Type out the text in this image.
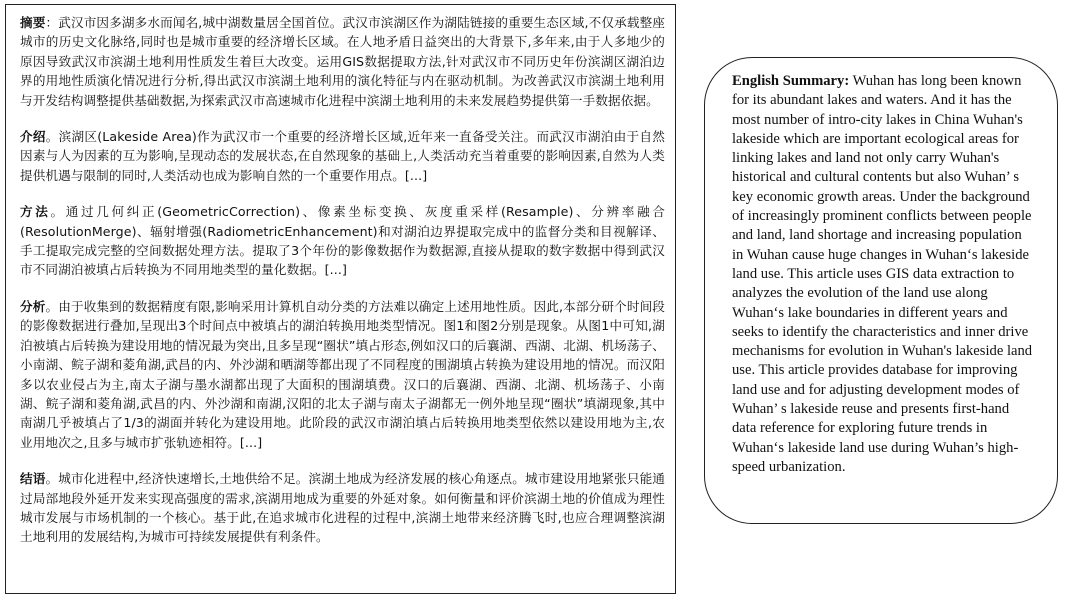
摘要：武汉市因多湖多水而闻名,城中湖数量居全国首位。武汉市滨湖区作为湖陆链接的重要生态区域,不仅承载整座城市的历史文化脉络,同时也是城市重要的经济增长区域。在人地矛盾日益突出的大背景下,多年来,由于人多地少的原因导致武汉市滨湖土地利用性质发生着巨大改变。运用GIS数据提取方法,针对武汉市不同历史年份滨湖区湖泊边界的用地性质演化情况进行分析,得出武汉市滨湖土地利用的演化特征与内在驱动机制。为改善武汉市滨湖土地利用与开发结构调整提供基础数据,为探索武汉市高速城市化进程中滨湖土地利用的未来发展趋势提供第一手数据依据。

介绍。滨湖区(Lakeside Area)作为武汉市一个重要的经济增长区域,近年来一直备受关注。而武汉市湖泊由于自然因素与人为因素的互为影响,呈现动态的发展状态,在自然现象的基础上,人类活动充当着重要的影响因素,自然为人类提供机遇与限制的同时,人类活动也成为影响自然的一个重要作用点。[...]

方法。通过几何纠正(GeometricCorrection)、像素坐标变换、灰度重采样(Resample)、分辨率融合(ResolutionMerge)、辐射增强(RadiometricEnhancement)和对湖泊边界提取完成中的监督分类和目视解译、手工提取完成完整的空间数据处理方法。提取了3个年份的影像数据作为数据源,直接从提取的数字数据中得到武汉市不同湖泊被填占后转换为不同用地类型的量化数据。[...]

分析。由于收集到的数据精度有限,影响采用计算机自动分类的方法难以确定上述用地性质。因此,本部分研个时间段的影像数据进行叠加,呈现出3个时间点中被填占的湖泊转换用地类型情况。图1和图2分别是现象。从图1中可知,湖泊被填占后转换为建设用地的情况最为突出,且多呈现“圈状”填占形态,例如汉口的后襄湖、西湖、北湖、机场荡子、小南湖、鲩子湖和菱角湖,武昌的内、外沙湖和晒湖等都出现了不同程度的围湖填占转换为建设用地的情况。而汉阳多以农业侵占为主,南太子湖与墨水湖都出现了大面积的围湖填费。汉口的后襄湖、西湖、北湖、机场荡子、小南湖、鲩子湖和菱角湖,武昌的内、外沙湖和南湖,汉阳的北太子湖与南太子湖都无一例外地呈现“圈状”填湖现象,其中南湖几乎被填占了1/3的湖面并转化为建设用地。此阶段的武汉市湖泊填占后转换用地类型依然以建设用地为主,农业用地次之,且多与城市扩张轨迹相符。[...]

结语。城市化进程中,经济快速增长,土地供给不足。滨湖土地成为经济发展的核心角逐点。城市建设用地紧张只能通过局部地段外延开发来实现高强度的需求,滨湖用地成为重要的外延对象。如何衡量和评价滨湖土地的价值成为理性城市发展与市场机制的一个核心。基于此,在追求城市化进程的过程中,滨湖土地带来经济腾飞时,也应合理调整滨湖土地利用的发展结构,为城市可持续发展提供有利条件。

English Summary: Wuhan has long been known for its abundant lakes and waters. And it has the most number of intro-city lakes in China Wuhan's lakeside which are important ecological areas for linking lakes and land not only carry Wuhan's historical and cultural contents but also Wuhan’ s key economic growth areas. Under the background of increasingly prominent conflicts between people and land, land shortage and increasing population in Wuhan cause huge changes in Wuhan‘s lakeside land use. This article uses GIS data extraction to analyzes the evolution of the land use along Wuhan‘s lake boundaries in different years and seeks to identify the characteristics and inner drive mechanisms for evolution in Wuhan's lakeside land use. This article provides database for improving land use and for adjusting development modes of Wuhan’ s lakeside reuse and presents first-hand data reference for exploring future trends in Wuhan‘s lakeside land use during Wuhan’s high-speed urbanization.
